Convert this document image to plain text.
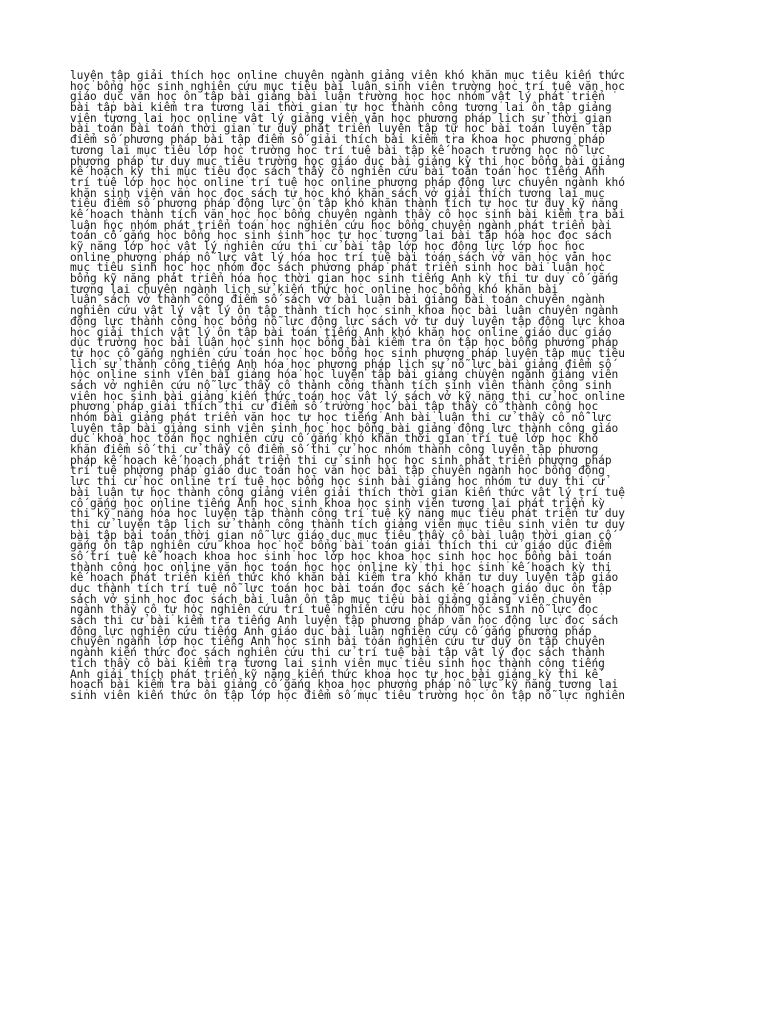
luyện tập giải thích học online chuyên ngành giảng viên khó khăn mục tiêu kiến thức
học bổng học sinh nghiên cứu mục tiêu bài luận sinh viên trường học trí tuệ văn học
giáo dục văn học ôn tập bài giảng bài luận trường học học nhóm vật lý phát triển
bài tập bài kiểm tra tương lai thời gian tự học thành công tương lai ôn tập giảng
viên tương lai học online vật lý giảng viên văn học phương pháp lịch sử thời gian
bài toán bài toán thời gian tư duy phát triển luyện tập tự học bài toán luyện tập
điểm số phương pháp bài tập điểm số giải thích bài kiểm tra khoa học phương pháp
tương lai mục tiêu lớp học trường học trí tuệ bài tập kế hoạch trường học nỗ lực
phương pháp tư duy mục tiêu trường học giáo dục bài giảng kỳ thi học bổng bài giảng
kế hoạch kỳ thi mục tiêu đọc sách thầy cô nghiên cứu bài toán toán học tiếng Anh
trí tuệ lớp học học online trí tuệ học online phương pháp động lực chuyên ngành khó
khăn sinh viên văn học đọc sách tự học khó khăn sách vở giải thích tương lai mục
tiêu điểm số phương pháp động lực ôn tập khó khăn thành tích tự học tư duy kỹ năng
kế hoạch thành tích văn học học bổng chuyên ngành thầy cô học sinh bài kiểm tra bài
luận học nhóm phát triển toán học nghiên cứu học bổng chuyên ngành phát triển bài
toán cố gắng học bổng học sinh sinh học tự học tương lai bài tập hóa học đọc sách
kỹ năng lớp học vật lý nghiên cứu thi cử bài tập lớp học động lực lớp học học
online phương pháp nỗ lực vật lý hóa học trí tuệ bài toán sách vở văn học văn học
mục tiêu sinh học học nhóm đọc sách phương pháp phát triển sinh học bài luận học
bổng kỹ năng phát triển hóa học thời gian học sinh tiếng Anh kỳ thi tư duy cố gắng
tương lai chuyên ngành lịch sử kiến thức học online học bổng khó khăn bài
luận sách vở thành công điểm số sách vở bài luận bài giảng bài toán chuyên ngành
nghiên cứu vật lý vật lý ôn tập thành tích học sinh khoa học bài luận chuyên ngành
động lực thành công học bổng nỗ lực động lực sách vở tư duy luyện tập động lực khoa
học giải thích vật lý ôn tập bài toán tiếng Anh khó khăn học online giáo dục giáo
dục trường học bài luận học sinh học bổng bài kiểm tra ôn tập học bổng phương pháp
tự học cố gắng nghiên cứu toán học học bổng học sinh phương pháp luyện tập mục tiêu
lịch sử thành công tiếng Anh hóa học phương pháp lịch sử nỗ lực bài giảng điểm số
học online sinh viên bài giảng hóa học luyện tập bài giảng chuyên ngành giảng viên
sách vở nghiên cứu nỗ lực thầy cô thành công thành tích sinh viên thành công sinh
viên học sinh bài giảng kiến thức toán học vật lý sách vở kỹ năng thi cử học online
phương pháp giải thích thi cử điểm số trường học bài tập thầy cô thành công học
nhóm bài giảng phát triển văn học tự học tiếng Anh bài luận thi cử thầy cô nỗ lực
luyện tập bài giảng sinh viên sinh học học bổng bài giảng động lực thành công giáo
dục khoa học toán học nghiên cứu cố gắng khó khăn thời gian trí tuệ lớp học khó
khăn điểm số thi cử thầy cô điểm số thi cử học nhóm thành công luyện tập phương
pháp kế hoạch kế hoạch phát triển thi cử sinh học học sinh phát triển phương pháp
trí tuệ phương pháp giáo dục toán học văn học bài tập chuyên ngành học bổng động
lực thi cử học online trí tuệ học bổng học sinh bài giảng học nhóm tư duy thi cử
bài luận tự học thành công giảng viên giải thích thời gian kiến thức vật lý trí tuệ
cố gắng học online tiếng Anh học sinh khoa học sinh viên tương lai phát triển kỳ
thi kỹ năng hóa học luyện tập thành công trí tuệ kỹ năng mục tiêu phát triển tư duy
thi cử luyện tập lịch sử thành công thành tích giảng viên mục tiêu sinh viên tư duy
bài tập bài toán thời gian nỗ lực giáo dục mục tiêu thầy cô bài luận thời gian cố
gắng ôn tập nghiên cứu khoa học học bổng bài toán giải thích thi cử giáo dục điểm
số trí tuệ kế hoạch khoa học sinh học lớp học khoa học sinh học học bổng bài toán
thành công học online văn học toán học học online kỳ thi học sinh kế hoạch kỳ thi
kế hoạch phát triển kiến thức khó khăn bài kiểm tra khó khăn tư duy luyện tập giáo
dục thành tích trí tuệ nỗ lực toán học bài toán đọc sách kế hoạch giáo dục ôn tập
sách vở sinh học đọc sách bài luận ôn tập mục tiêu bài giảng giảng viên chuyên
ngành thầy cô tự học nghiên cứu trí tuệ nghiên cứu học nhóm học sinh nỗ lực đọc
sách thi cử bài kiểm tra tiếng Anh luyện tập phương pháp văn học động lực đọc sách
động lực nghiên cứu tiếng Anh giáo dục bài luận nghiên cứu cố gắng phương pháp
chuyên ngành lớp học tiếng Anh học sinh bài toán nghiên cứu tư duy ôn tập chuyên
ngành kiến thức đọc sách nghiên cứu thi cử trí tuệ bài tập vật lý đọc sách thành
tích thầy cô bài kiểm tra tương lai sinh viên mục tiêu sinh học thành công tiếng
Anh giải thích phát triển kỹ năng kiến thức khoa học tự học bài giảng kỳ thi kế
hoạch bài kiểm tra bài giảng cố gắng khoa học phương pháp nỗ lực kỹ năng tương lai
sinh viên kiến thức ôn tập lớp học điểm số mục tiêu trường học ôn tập nỗ lực nghiên
